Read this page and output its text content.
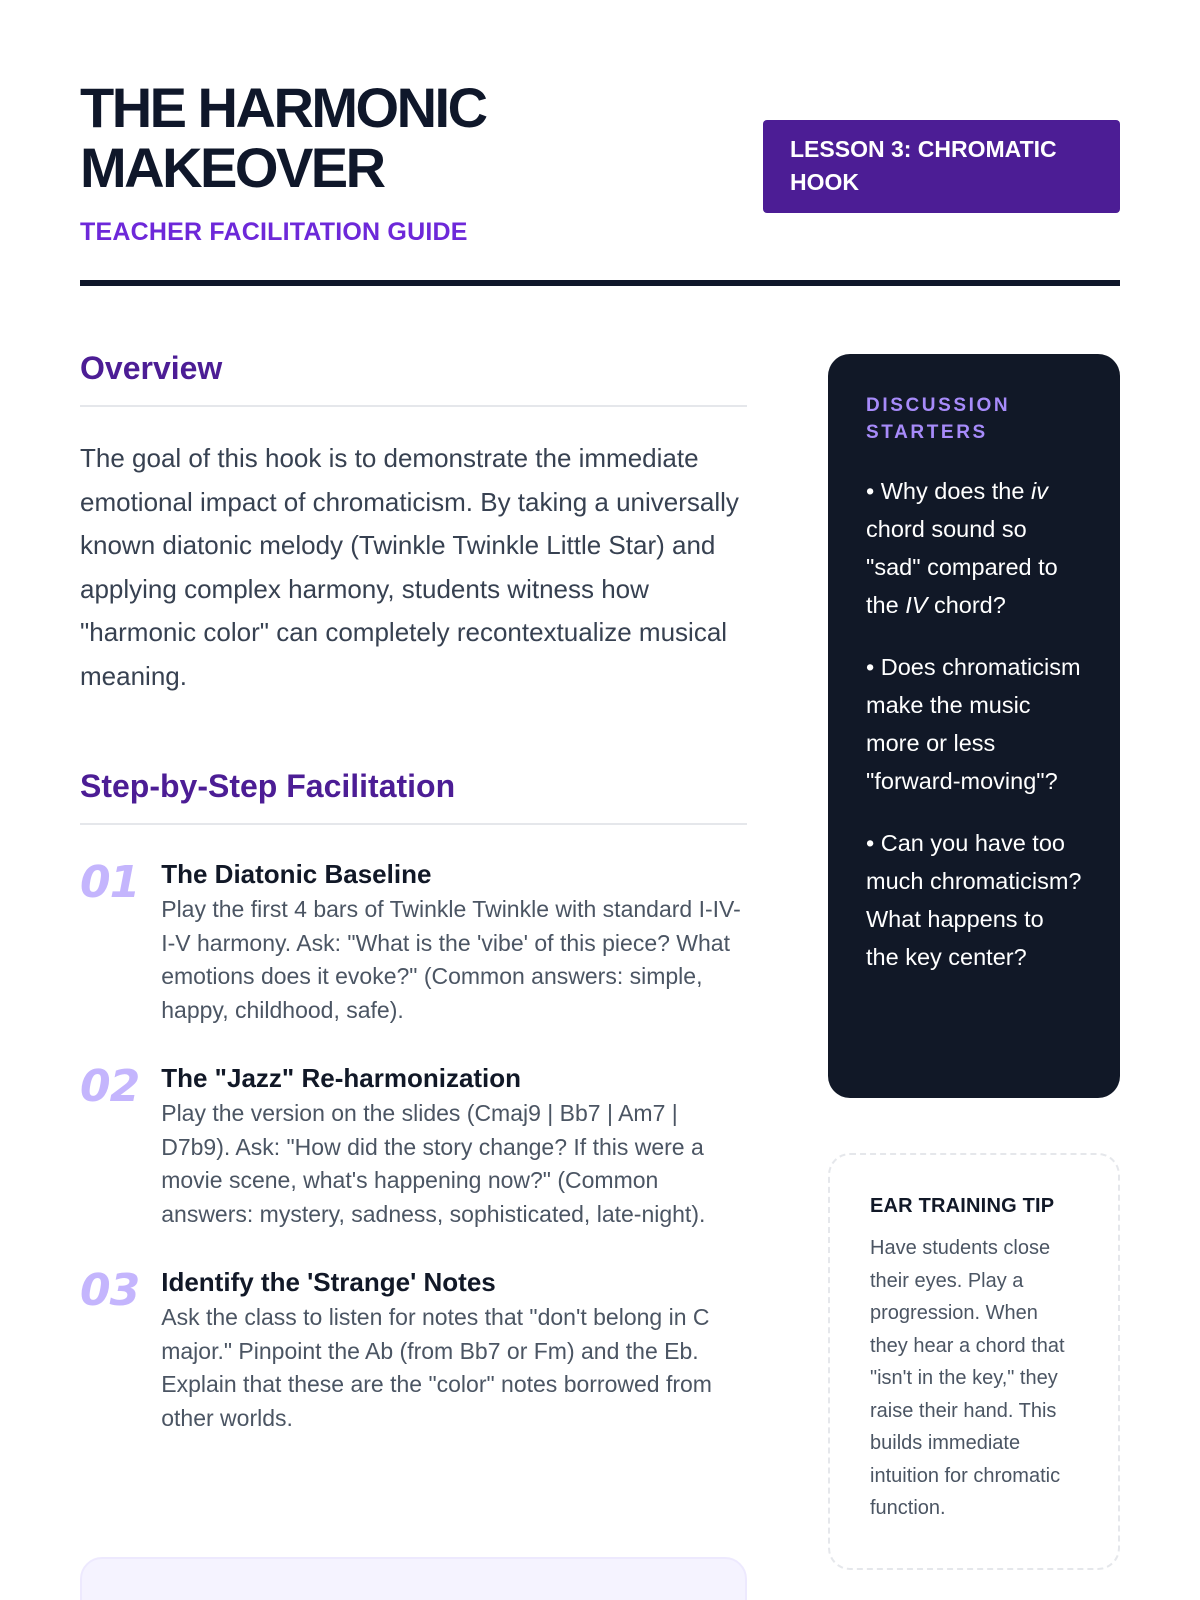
THE HARMONIC MAKEOVER
TEACHER FACILITATION GUIDE
LESSON 3: CHROMATIC HOOK
Overview

The goal of this hook is to demonstrate the immediate emotional impact of chromaticism. By taking a universally known diatonic melody (Twinkle Twinkle Little Star) and applying complex harmony, students witness how "harmonic color" can completely recontextualize musical meaning.

Step-by-Step Facilitation
01 The Diatonic Baseline
Play the first 4 bars of Twinkle Twinkle with standard I-IV-I-V harmony. Ask: "What is the 'vibe' of this piece? What emotions does it evoke?" (Common answers: simple, happy, childhood, safe).
02 The "Jazz" Re-harmonization
Play the version on the slides (Cmaj9 | Bb7 | Am7 | D7b9). Ask: "How did the story change? If this were a movie scene, what's happening now?" (Common answers: mystery, sadness, sophisticated, late-night).
03 Identify the 'Strange' Notes
Ask the class to listen for notes that "don't belong in C major." Pinpoint the Ab (from Bb7 or Fm) and the Eb. Explain that these are the "color" notes borrowed from other worlds.
DISCUSSION STARTERS

• Why does the iv chord sound so "sad" compared to the IV chord?

• Does chromaticism make the music more or less "forward-moving"?

• Can you have too much chromaticism? What happens to the key center?

EAR TRAINING TIP

Have students close their eyes. Play a progression. When they hear a chord that "isn't in the key," they raise their hand. This builds immediate intuition for chromatic function.
